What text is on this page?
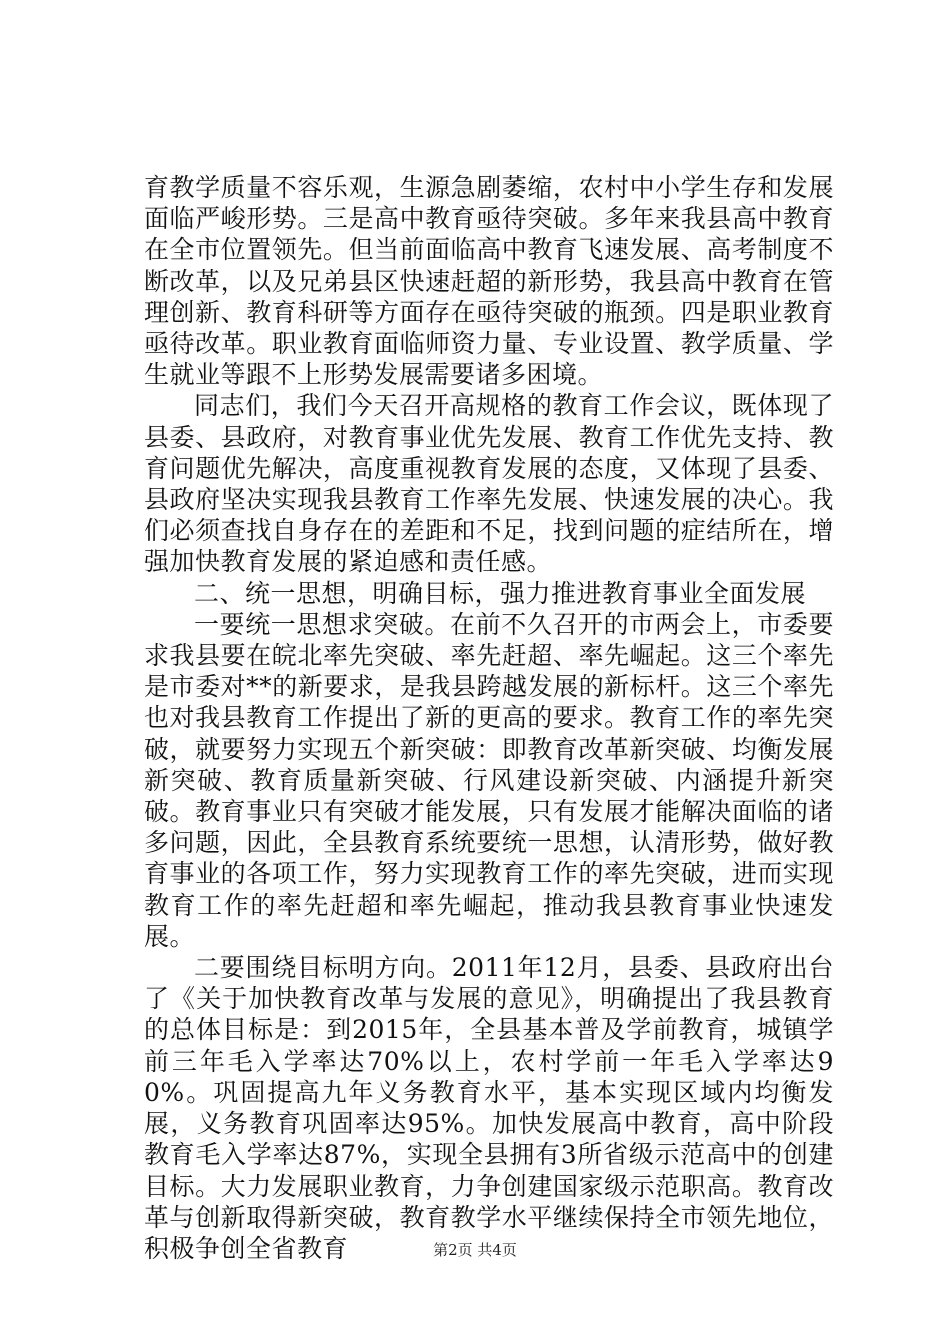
育教学质量不容乐观，生源急剧萎缩，农村中小学生存和发展面临严峻形势。三是高中教育亟待突破。多年来我县高中教育在全市位置领先。但当前面临高中教育飞速发展、高考制度不断改革，以及兄弟县区快速赶超的新形势，我县高中教育在管理创新、教育科研等方面存在亟待突破的瓶颈。四是职业教育亟待改革。职业教育面临师资力量、专业设置、教学质量、学生就业等跟不上形势发展需要诸多困境。

同志们，我们今天召开高规格的教育工作会议，既体现了县委、县政府，对教育事业优先发展、教育工作优先支持、教育问题优先解决，高度重视教育发展的态度，又体现了县委、县政府坚决实现我县教育工作率先发展、快速发展的决心。我们必须查找自身存在的差距和不足，找到问题的症结所在，增强加快教育发展的紧迫感和责任感。

二、统一思想，明确目标，强力推进教育事业全面发展

一要统一思想求突破。在前不久召开的市两会上，市委要求我县要在皖北率先突破、率先赶超、率先崛起。这三个率先是市委对**的新要求，是我县跨越发展的新标杆。这三个率先也对我县教育工作提出了新的更高的要求。教育工作的率先突破，就要努力实现五个新突破：即教育改革新突破、均衡发展新突破、教育质量新突破、行风建设新突破、内涵提升新突破。教育事业只有突破才能发展，只有发展才能解决面临的诸多问题，因此，全县教育系统要统一思想，认清形势，做好教育事业的各项工作，努力实现教育工作的率先突破，进而实现教育工作的率先赶超和率先崛起，推动我县教育事业快速发展。

二要围绕目标明方向。2011年12月，县委、县政府出台了《关于加快教育改革与发展的意见》，明确提出了我县教育的总体目标是：到2015年，全县基本普及学前教育，城镇学前三年毛入学率达70%以上，农村学前一年毛入学率达90%。巩固提高九年义务教育水平，基本实现区域内均衡发展，义务教育巩固率达95%。加快发展高中教育，高中阶段教育毛入学率达87%，实现全县拥有3所省级示范高中的创建目标。大力发展职业教育，力争创建国家级示范职高。教育改革与创新取得新突破，教育教学水平继续保持全市领先地位，积极争创全省教育	第2页 共4页
